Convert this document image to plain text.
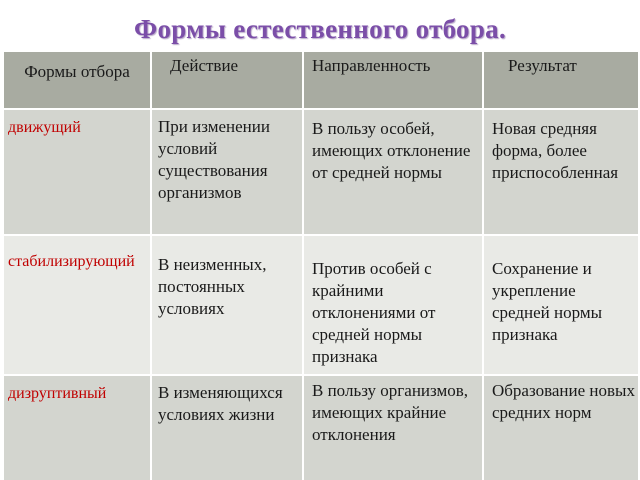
Формы естественного отбора.
Формы отбора	Действие	Направленность	Результат

движущий	При изменении условий существования организмов	В пользу особей, имеющих отклонение от средней нормы	Новая средняя форма, более приспособленная

стабилизирующий	В неизменных, постоянных условиях	Против особей с крайними отклонениями от средней нормы признака	Сохранение и укрепление средней нормы признака

дизруптивный	В изменяющихся условиях жизни	В пользу организмов, имеющих крайние отклонения	Образование новых средних норм
